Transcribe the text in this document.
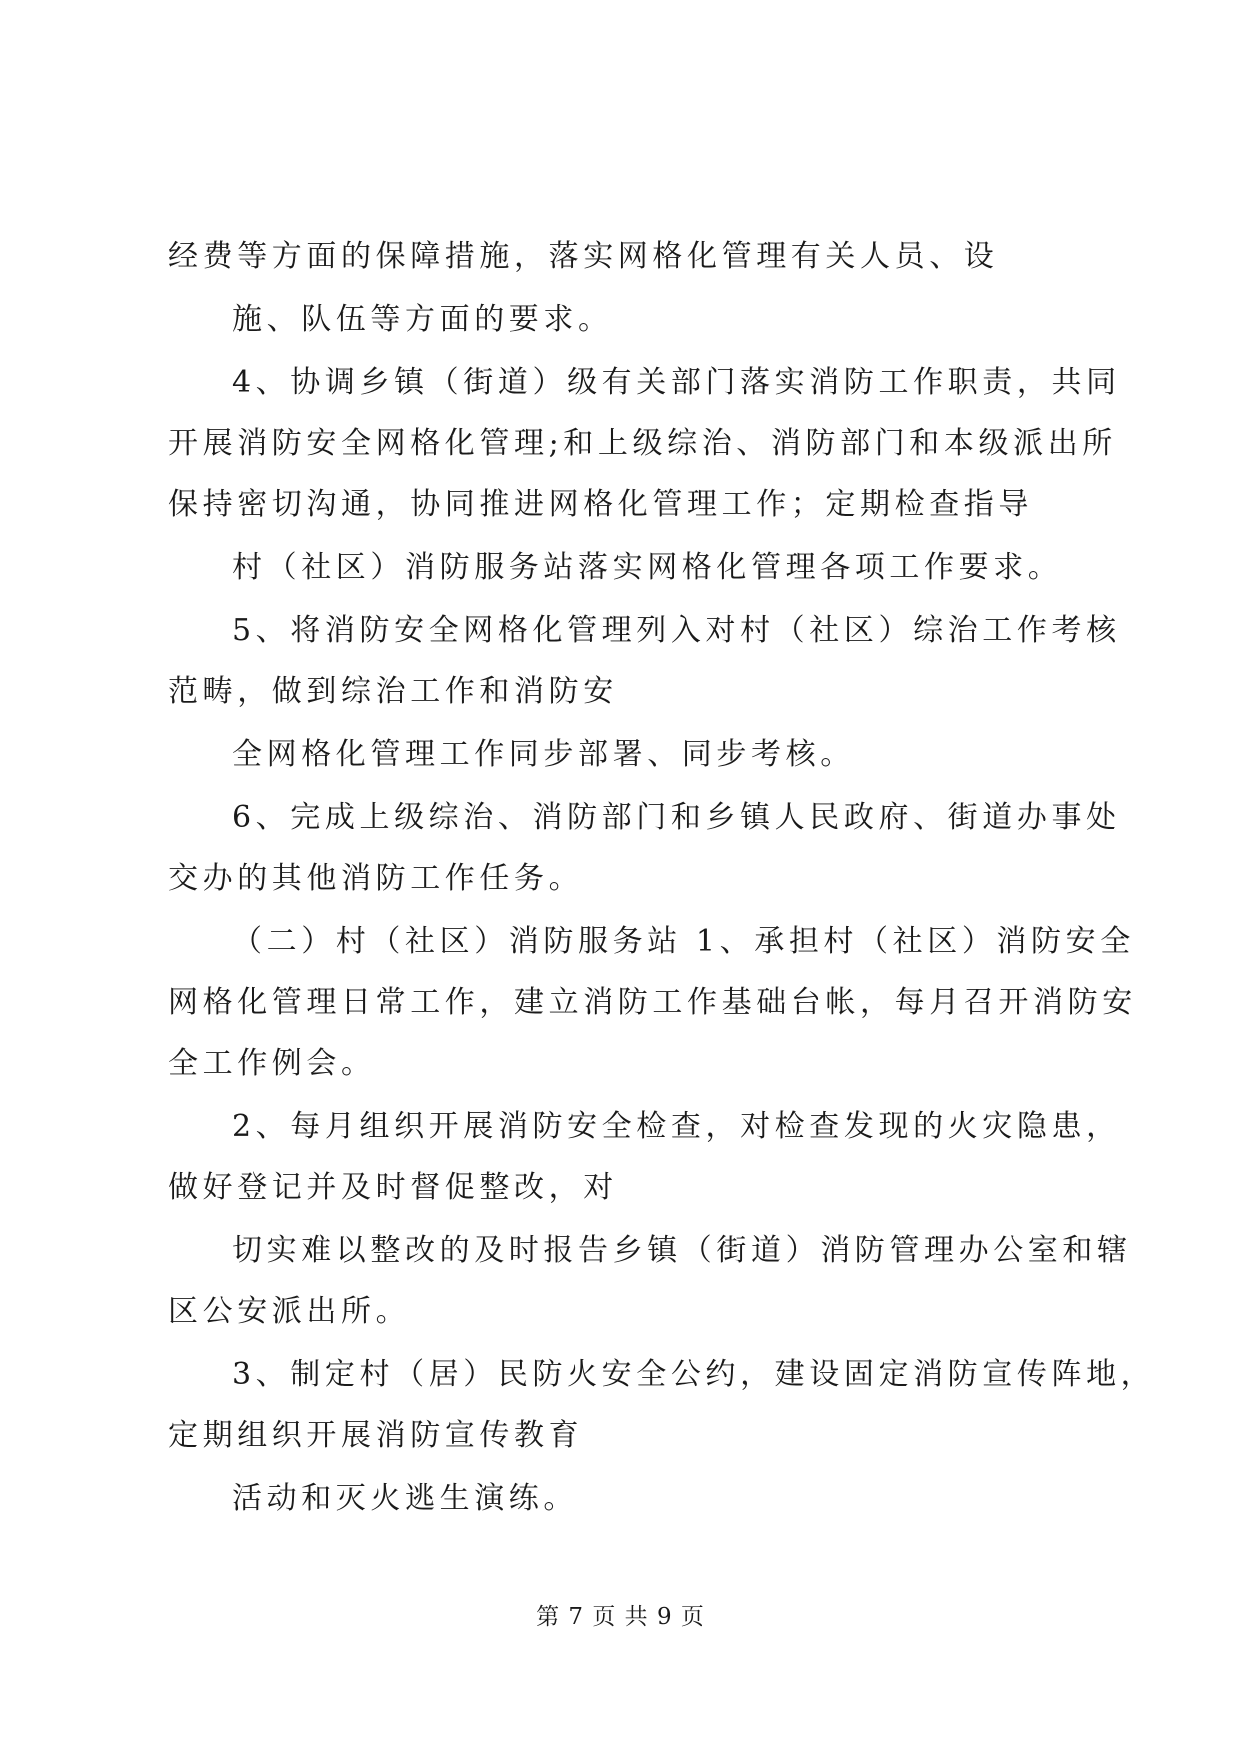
经费等方面的保障措施，落实网格化管理有关人员、设
施、队伍等方面的要求。
4、协调乡镇（街道）级有关部门落实消防工作职责，共同
开展消防安全网格化管理;和上级综治、消防部门和本级派出所
保持密切沟通，协同推进网格化管理工作；定期检查指导
村（社区）消防服务站落实网格化管理各项工作要求。
5、将消防安全网格化管理列入对村（社区）综治工作考核
范畴，做到综治工作和消防安
全网格化管理工作同步部署、同步考核。
6、完成上级综治、消防部门和乡镇人民政府、街道办事处
交办的其他消防工作任务。
（二）村（社区）消防服务站 1、承担村（社区）消防安全
网格化管理日常工作，建立消防工作基础台帐，每月召开消防安
全工作例会。
2、每月组织开展消防安全检查，对检查发现的火灾隐患，
做好登记并及时督促整改，对
切实难以整改的及时报告乡镇（街道）消防管理办公室和辖
区公安派出所。
3、制定村（居）民防火安全公约，建设固定消防宣传阵地，
定期组织开展消防宣传教育
活动和灭火逃生演练。
第 7 页 共 9 页
